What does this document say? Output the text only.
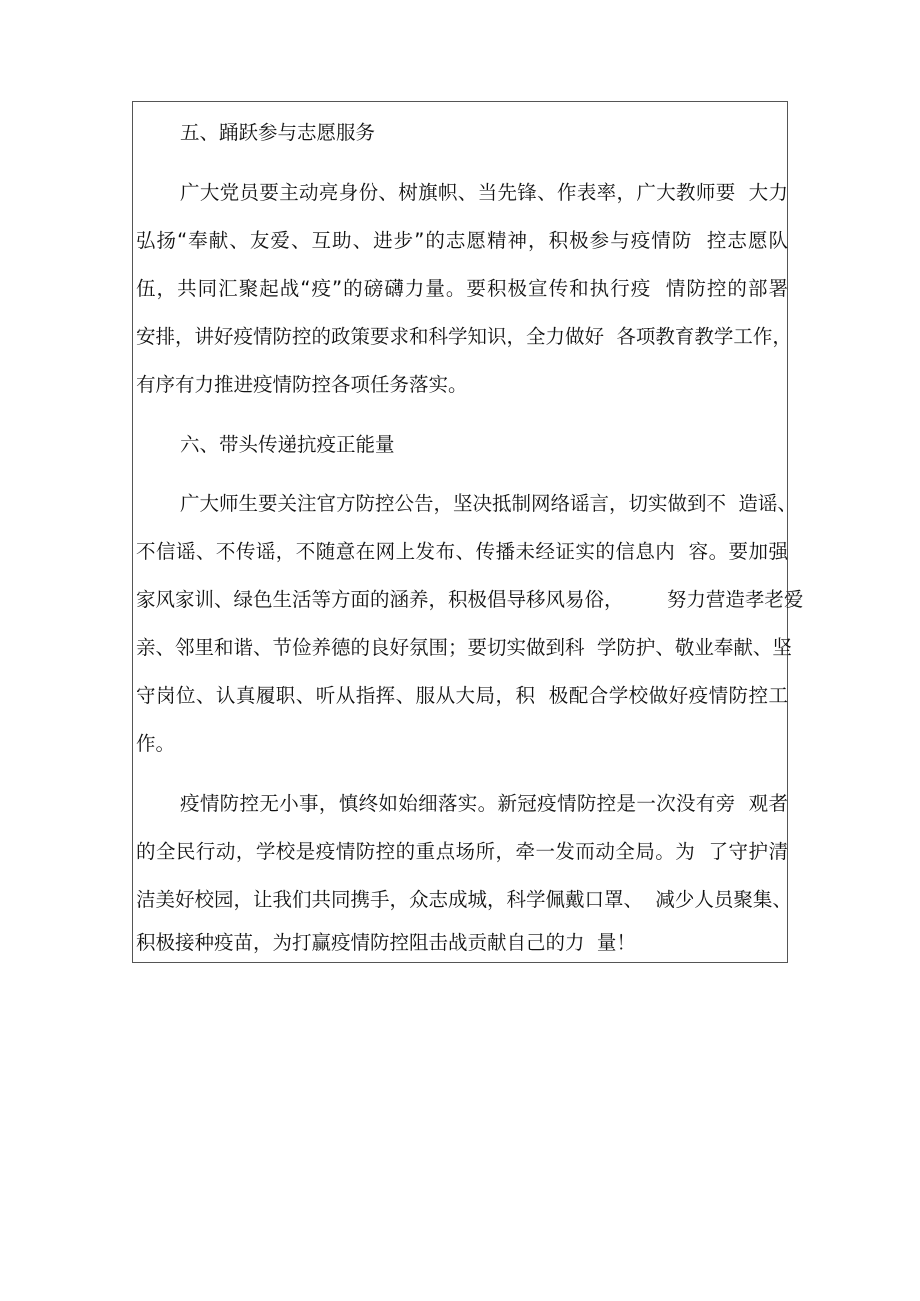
五、踊跃参与志愿服务
广大党员要主动亮身份、树旗帜、当先锋、作表率，广大教师要  大力
弘扬“奉献、友爱、互助、进步”的志愿精神，积极参与疫情防  控志愿队
伍，共同汇聚起战“疫”的磅礴力量。要积极宣传和执行疫  情防控的部署
安排，讲好疫情防控的政策要求和科学知识，全力做好  各项教育教学工作，
有序有力推进疫情防控各项任务落实。
六、带头传递抗疫正能量
广大师生要关注官方防控公告，坚决抵制网络谣言，切实做到不  造谣、
不信谣、不传谣，不随意在网上发布、传播未经证实的信息内  容。要加强
家风家训、绿色生活等方面的涵养，积极倡导移风易俗，       努力营造孝老爱
亲、邻里和谐、节俭养德的良好氛围；要切实做到科  学防护、敬业奉献、坚
守岗位、认真履职、听从指挥、服从大局，积  极配合学校做好疫情防控工
作。
疫情防控无小事，慎终如始细落实。新冠疫情防控是一次没有旁  观者
的全民行动，学校是疫情防控的重点场所，牵一发而动全局。为  了守护清
洁美好校园，让我们共同携手，众志成城，科学佩戴口罩、  减少人员聚集、
积极接种疫苗，为打赢疫情防控阻击战贡献自己的力  量！
